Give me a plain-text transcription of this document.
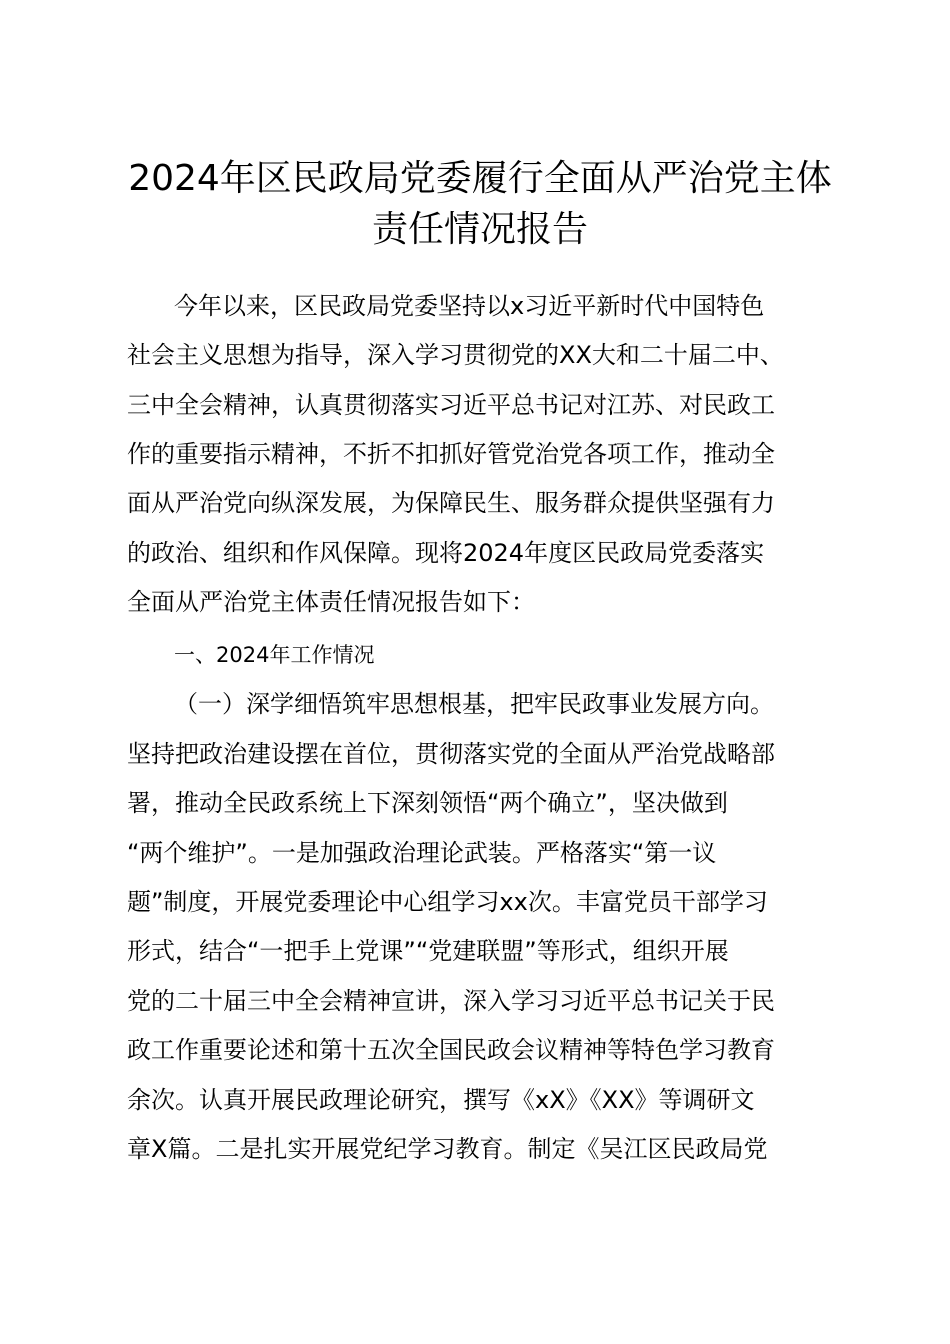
2024年区民政局党委履行全面从严治党主体
责任情况报告
今年以来，区民政局党委坚持以x习近平新时代中国特色
社会主义思想为指导，深入学习贯彻党的XX大和二十届二中、
三中全会精神，认真贯彻落实习近平总书记对江苏、对民政工
作的重要指示精神，不折不扣抓好管党治党各项工作，推动全
面从严治党向纵深发展，为保障民生、服务群众提供坚强有力
的政治、组织和作风保障。现将2024年度区民政局党委落实
全面从严治党主体责任情况报告如下：
一、2024年工作情况
（一）深学细悟筑牢思想根基，把牢民政事业发展方向。
坚持把政治建设摆在首位，贯彻落实党的全面从严治党战略部
署，推动全民政系统上下深刻领悟“两个确立”，坚决做到
“两个维护”。一是加强政治理论武装。严格落实“第一议
题”制度，开展党委理论中心组学习xx次。丰富党员干部学习
形式，结合“一把手上党课”“党建联盟”等形式，组织开展
党的二十届三中全会精神宣讲，深入学习习近平总书记关于民
政工作重要论述和第十五次全国民政会议精神等特色学习教育
余次。认真开展民政理论研究，撰写《xX》《XX》等调研文
章X篇。二是扎实开展党纪学习教育。制定《吴江区民政局党
